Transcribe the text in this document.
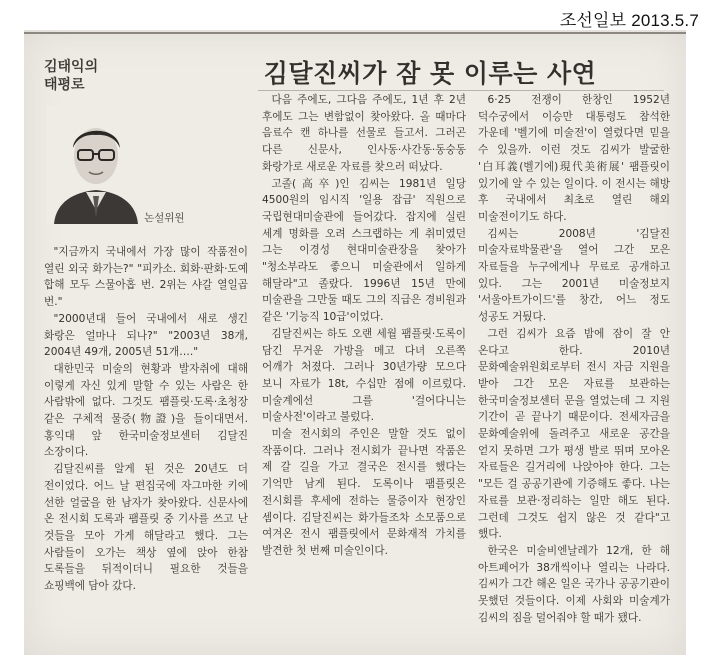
조선일보 2013.5.7
김태익의
태평로	김달진씨가 잠 못 이루는 사연
논설위원

"지금까지 국내에서 가장 많이 작품전이 열린 외국 화가는?" "피카소. 회화·판화·도예 합해 모두 스물아홉 번. 2위는 샤갈 열일곱 번."

"2000년대 들어 국내에서 새로 생긴 화랑은 얼마나 되나?" "2003년 38개, 2004년 49개, 2005년 51개…."

대한민국 미술의 현황과 발자취에 대해 이렇게 자신 있게 말할 수 있는 사람은 한 사람밖에 없다. 그것도 팸플릿·도록·초청장 같은 구체적 물증(物證)을 들이대면서. 홍익대 앞 한국미술정보센터 김달진 소장이다.

김달진씨를 알게 된 것은 20년도 더 전이었다. 어느 날 편집국에 자그마한 키에 선한 얼굴을 한 남자가 찾아왔다. 신문사에 온 전시회 도록과 팸플릿 중 기사를 쓰고 난 것들을 모아 가게 해달라고 했다. 그는 사람들이 오가는 책상 옆에 앉아 한참 도록들을 뒤적이더니 필요한 것들을 쇼핑백에 담아 갔다.

다음 주에도, 그다음 주에도, 1년 후 2년 후에도 그는 변함없이 찾아왔다. 올 때마다 음료수 캔 하나를 선물로 들고서. 그러곤 다른 신문사, 인사동·사간동·동숭동 화랑가로 새로운 자료를 찾으러 떠났다.

고졸(高卒)인 김씨는 1981년 일당 4500원의 임시직 '일용 잡급' 직원으로 국립현대미술관에 들어갔다. 잡지에 실린 세계 명화를 오려 스크랩하는 게 취미였던 그는 이경성 현대미술관장을 찾아가 "청소부라도 좋으니 미술관에서 일하게 해달라"고 졸랐다. 1996년 15년 만에 미술관을 그만둘 때도 그의 직급은 경비원과 같은 '기능직 10급'이었다.

김달진씨는 하도 오랜 세월 팸플릿·도록이 담긴 무거운 가방을 메고 다녀 오른쪽 어깨가 처졌다. 그러나 30년가량 모으다 보니 자료가 18t, 수십만 점에 이르렀다. 미술계에선 그를 '걸어다니는 미술사전'이라고 불렀다.

미술 전시회의 주인은 말할 것도 없이 작품이다. 그러나 전시회가 끝나면 작품은 제 갈 길을 가고 결국은 전시를 했다는 기억만 남게 된다. 도록이나 팸플릿은 전시회를 후세에 전하는 물증이자 현장인 셈이다. 김달진씨는 화가들조차 소모품으로 여겨온 전시 팸플릿에서 문화재적 가치를 발견한 첫 번째 미술인이다.

6·25 전쟁이 한창인 1952년 덕수궁에서 이승만 대통령도 참석한 가운데 '벨기에 미술전'이 열렸다면 믿을 수 있을까. 이런 것도 김씨가 발굴한 '白耳義(벨기에)現代美術展' 팸플릿이 있기에 알 수 있는 일이다. 이 전시는 해방 후 국내에서 최초로 열린 해외 미술전이기도 하다.

김씨는 2008년 '김달진 미술자료박물관'을 열어 그간 모은 자료들을 누구에게나 무료로 공개하고 있다. 그는 2001년 미술정보지 '서울아트가이드'를 창간, 어느 정도 성공도 거뒀다.

그런 김씨가 요즘 밤에 잠이 잘 안 온다고 한다. 2010년 문화예술위원회로부터 전시 자금 지원을 받아 그간 모은 자료를 보관하는 한국미술정보센터 문을 열었는데 그 지원 기간이 곧 끝나기 때문이다. 전세자금을 문화예술위에 돌려주고 새로운 공간을 얻지 못하면 그가 평생 발로 뛰며 모아온 자료들은 길거리에 나앉아야 한다. 그는 "모든 걸 공공기관에 기증해도 좋다. 나는 자료를 보관·정리하는 일만 해도 된다. 그런데 그것도 쉽지 않은 것 같다"고 했다.

한국은 미술비엔날레가 12개, 한 해 아트페어가 38개씩이나 열리는 나라다. 김씨가 그간 해온 일은 국가나 공공기관이 못했던 것들이다. 이제 사회와 미술계가 김씨의 짐을 덜어줘야 할 때가 됐다.
